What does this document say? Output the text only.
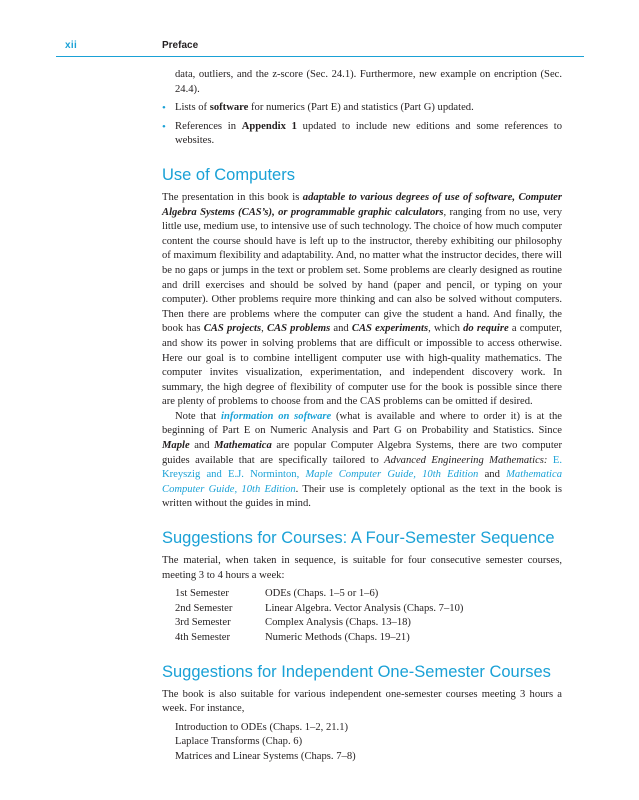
xii	Preface

data, outliers, and the z-score (Sec. 24.1). Furthermore, new example on encription (Sec. 24.4).

• Lists of software for numerics (Part E) and statistics (Part G) updated.
• References in Appendix 1 updated to include new editions and some references to websites.
Use of Computers

The presentation in this book is adaptable to various degrees of use of software, Computer Algebra Systems (CAS’s), or programmable graphic calculators, ranging from no use, very little use, medium use, to intensive use of such technology. The choice of how much computer content the course should have is left up to the instructor, thereby exhibiting our philosophy of maximum flexibility and adaptability. And, no matter what the instructor decides, there will be no gaps or jumps in the text or problem set. Some problems are clearly designed as routine and drill exercises and should be solved by hand (paper and pencil, or typing on your computer). Other problems require more thinking and can also be solved without computers. Then there are problems where the computer can give the student a hand. And finally, the book has CAS projects, CAS problems and CAS experiments, which do require a computer, and show its power in solving problems that are difficult or impossible to access otherwise. Here our goal is to combine intelligent computer use with high-quality mathematics. The computer invites visualization, experimentation, and independent discovery work. In summary, the high degree of flexibility of computer use for the book is possible since there are plenty of problems to choose from and the CAS problems can be omitted if desired.

Note that information on software (what is available and where to order it) is at the beginning of Part E on Numeric Analysis and Part G on Probability and Statistics. Since Maple and Mathematica are popular Computer Algebra Systems, there are two computer guides available that are specifically tailored to Advanced Engineering Mathematics: E. Kreyszig and E.J. Norminton, Maple Computer Guide, 10th Edition and Mathematica Computer Guide, 10th Edition. Their use is completely optional as the text in the book is written without the guides in mind.

Suggestions for Courses: A Four-Semester Sequence

The material, when taken in sequence, is suitable for four consecutive semester courses, meeting 3 to 4 hours a week:

1st Semester	ODEs (Chaps. 1–5 or 1–6)
2nd Semester	Linear Algebra. Vector Analysis (Chaps. 7–10)
3rd Semester	Complex Analysis (Chaps. 13–18)
4th Semester	Numeric Methods (Chaps. 19–21)
Suggestions for Independent One-Semester Courses

The book is also suitable for various independent one-semester courses meeting 3 hours a week. For instance,

Introduction to ODEs (Chaps. 1–2, 21.1)
Laplace Transforms (Chap. 6)
Matrices and Linear Systems (Chaps. 7–8)
